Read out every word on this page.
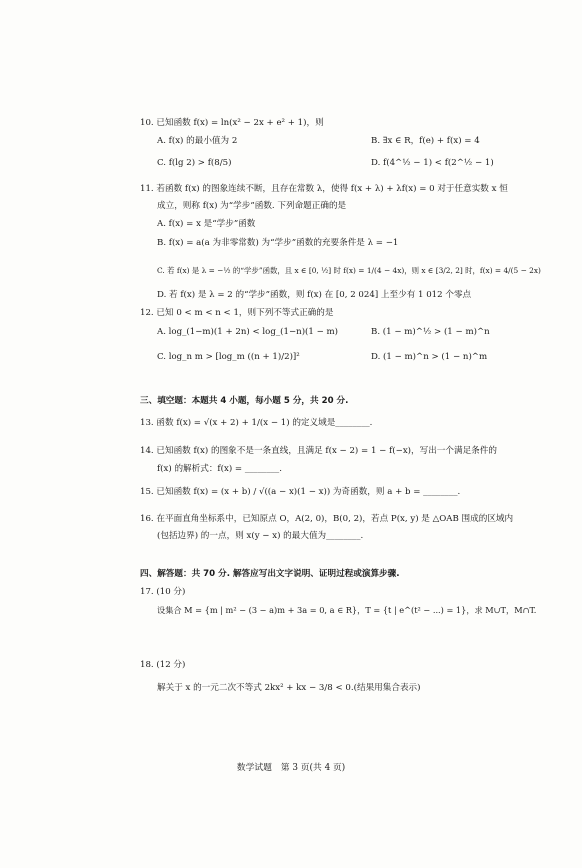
10. 已知函数 f(x) = ln(x² − 2x + e² + 1)，则
A. f(x) 的最小值为 2	B. ∃x ∈ R，f(e) + f(x) = 4
C. f(lg 2) > f(8/5)	D. f(4^½ − 1) < f(2^½ − 1)
11. 若函数 f(x) 的图象连续不断，且存在常数 λ，使得 f(x + λ) + λf(x) = 0 对于任意实数 x 恒
成立，则称 f(x) 为“学步”函数. 下列命题正确的是
A. f(x) = x 是“学步”函数
B. f(x) = a(a 为非零常数) 为“学步”函数的充要条件是 λ = −1
C. 若 f(x) 是 λ = −½ 的“学步”函数，且 x ∈ [0, ½] 时 f(x) = 1/(4 − 4x)，则 x ∈ [3/2, 2] 时，f(x) = 4/(5 − 2x)
D. 若 f(x) 是 λ = 2 的“学步”函数，则 f(x) 在 [0, 2 024] 上至少有 1 012 个零点
12. 已知 0 < m < n < 1，则下列不等式正确的是
A. log_(1−m)(1 + 2n) < log_(1−n)(1 − m)	B. (1 − m)^½ > (1 − m)^n
C. log_n m > [log_m ((n + 1)/2)]²	D. (1 − m)^n > (1 − n)^m
三、填空题：本题共 4 小题，每小题 5 分，共 20 分.
13. 函数 f(x) = √(x + 2) + 1/(x − 1) 的定义域是________.
14. 已知函数 f(x) 的图象不是一条直线，且满足 f(x − 2) = 1 − f(−x)，写出一个满足条件的
f(x) 的解析式：f(x) = ________.
15. 已知函数 f(x) = (x + b) / √((a − x)(1 − x)) 为奇函数，则 a + b = ________.
16. 在平面直角坐标系中，已知原点 O，A(2, 0)，B(0, 2)，若点 P(x, y) 是 △OAB 围成的区域内
(包括边界) 的一点，则 x(y − x) 的最大值为________.
四、解答题：共 70 分. 解答应写出文字说明、证明过程或演算步骤.
17. (10 分)
设集合 M = {m | m² − (3 − a)m + 3a = 0, a ∈ R}，T = {t | e^(t² − ...) = 1}，求 M∪T，M∩T.
18. (12 分)
解关于 x 的一元二次不等式 2kx² + kx − 3/8 < 0.(结果用集合表示)
数学试题　第 3 页(共 4 页)
